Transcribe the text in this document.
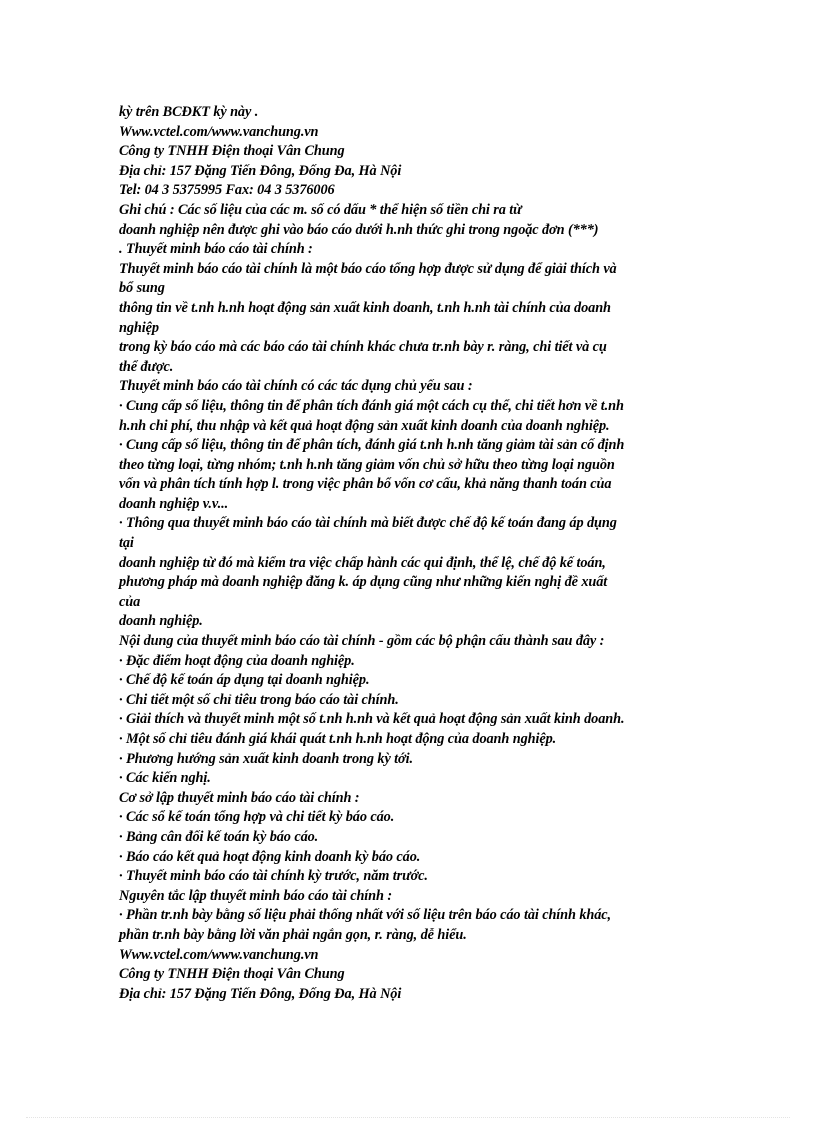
kỳ trên BCĐKT kỳ này .
Www.vctel.com/www.vanchung.vn
Công ty TNHH Điện thoại Vân Chung
Địa chỉ: 157 Đặng Tiến Đông, Đống Đa, Hà Nội
Tel: 04 3 5375995 Fax: 04 3 5376006
Ghi chú : Các số liệu của các m. số có dấu * thể hiện số tiền chi ra từ
doanh nghiệp nên được ghi vào báo cáo dưới h.nh thức ghi trong ngoặc đơn (***)
. Thuyết minh báo cáo tài chính :
Thuyết minh báo cáo tài chính là một báo cáo tổng hợp được sử dụng để giải thích và
bổ sung
thông tin về t.nh h.nh hoạt động sản xuất kinh doanh, t.nh h.nh tài chính của doanh
nghiệp
trong kỳ báo cáo mà các báo cáo tài chính khác chưa tr.nh bày r. ràng, chi tiết và cụ
thể được.
Thuyết minh báo cáo tài chính có các tác dụng chủ yếu sau :
· Cung cấp số liệu, thông tin để phân tích đánh giá một cách cụ thể, chi tiết hơn về t.nh
h.nh chi phí, thu nhập và kết quả hoạt động sản xuất kinh doanh của doanh nghiệp.
· Cung cấp số liệu, thông tin để phân tích, đánh giá t.nh h.nh tăng giảm tài sản cố định
theo từng loại, từng nhóm; t.nh h.nh tăng giảm vốn chủ sở hữu theo từng loại nguồn
vốn và phân tích tính hợp l. trong việc phân bổ vốn cơ cấu, khả năng thanh toán của
doanh nghiệp v.v...
· Thông qua thuyết minh báo cáo tài chính mà biết được chế độ kế toán đang áp dụng
tại
doanh nghiệp từ đó mà kiểm tra việc chấp hành các qui định, thể lệ, chế độ kế toán,
phương pháp mà doanh nghiệp đăng k. áp dụng cũng như những kiến nghị đề xuất
của
doanh nghiệp.
Nội dung của thuyết minh báo cáo tài chính - gồm các bộ phận cấu thành sau đây :
· Đặc điểm hoạt động của doanh nghiệp.
· Chế độ kế toán áp dụng tại doanh nghiệp.
· Chi tiết một số chỉ tiêu trong báo cáo tài chính.
· Giải thích và thuyết minh một số t.nh h.nh và kết quả hoạt động sản xuất kinh doanh.
· Một số chỉ tiêu đánh giá khái quát t.nh h.nh hoạt động của doanh nghiệp.
· Phương hướng sản xuất kinh doanh trong kỳ tới.
· Các kiến nghị.
Cơ sở lập thuyết minh báo cáo tài chính :
· Các sổ kế toán tổng hợp và chi tiết kỳ báo cáo.
· Bảng cân đối kế toán kỳ báo cáo.
· Báo cáo kết quả hoạt động kinh doanh kỳ báo cáo.
· Thuyết minh báo cáo tài chính kỳ trước, năm trước.
Nguyên tắc lập thuyết minh báo cáo tài chính :
· Phần tr.nh bày bằng số liệu phải thống nhất với số liệu trên báo cáo tài chính khác,
phần tr.nh bày bằng lời văn phải ngắn gọn, r. ràng, dễ hiểu.
Www.vctel.com/www.vanchung.vn
Công ty TNHH Điện thoại Vân Chung
Địa chỉ: 157 Đặng Tiến Đông, Đống Đa, Hà Nội
